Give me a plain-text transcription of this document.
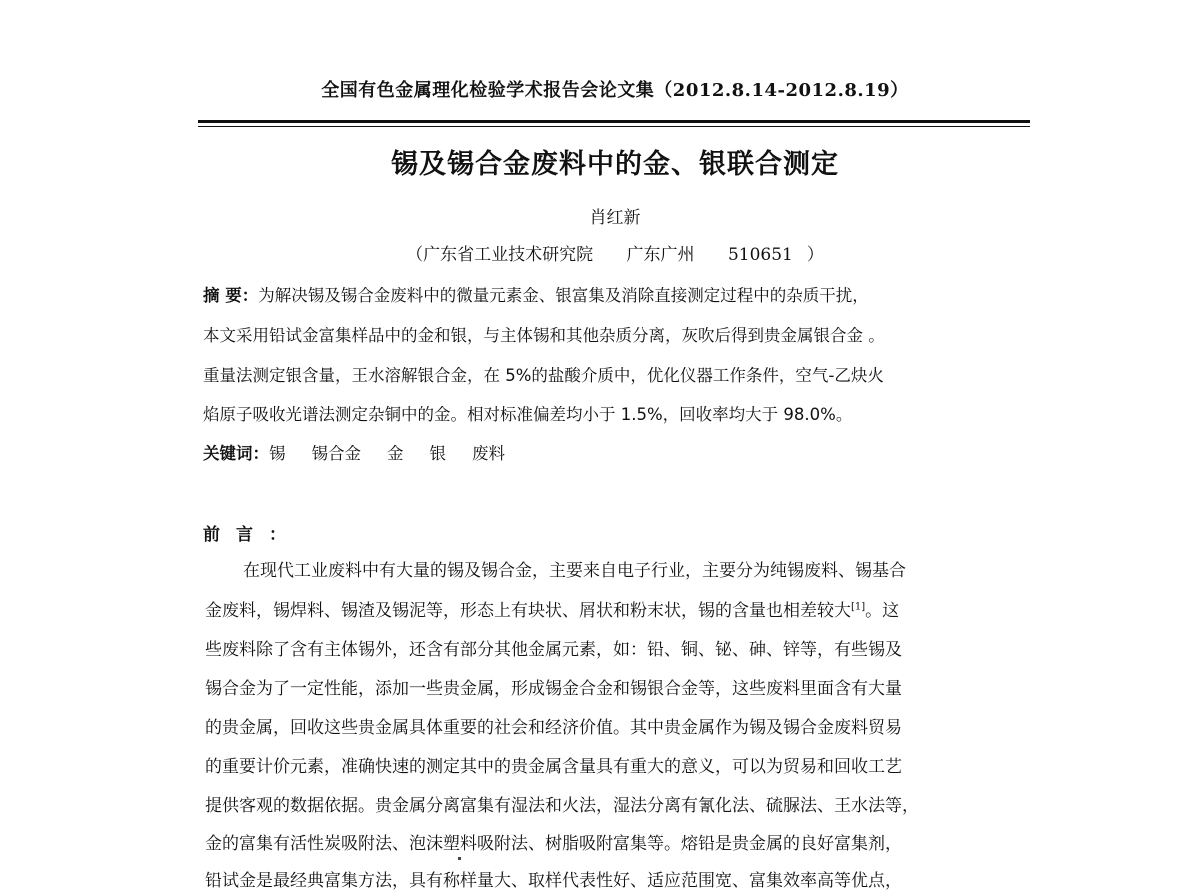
全国有色金属理化检验学术报告会论文集（2012.8.14-2012.8.19）
锡及锡合金废料中的金、银联合测定
肖红新
（广东省工业技术研究院 广东广州 510651 ）
摘 要：为解决锡及锡合金废料中的微量元素金、银富集及消除直接测定过程中的杂质干扰，
本文采用铅试金富集样品中的金和银，与主体锡和其他杂质分离，灰吹后得到贵金属银合金 。
重量法测定银含量，王水溶解银合金，在 5%的盐酸介质中，优化仪器工作条件，空气-乙炔火
焰原子吸收光谱法测定杂铜中的金。相对标准偏差均小于 1.5%，回收率均大于 98.0%。
关键词：锡 锡合金 金 银 废料
前言：
在现代工业废料中有大量的锡及锡合金，主要来自电子行业，主要分为纯锡废料、锡基合
金废料，锡焊料、锡渣及锡泥等，形态上有块状、屑状和粉末状，锡的含量也相差较大[1]。这
些废料除了含有主体锡外，还含有部分其他金属元素，如：铅、铜、铋、砷、锌等，有些锡及
锡合金为了一定性能，添加一些贵金属，形成锡金合金和锡银合金等，这些废料里面含有大量
的贵金属，回收这些贵金属具体重要的社会和经济价值。其中贵金属作为锡及锡合金废料贸易
的重要计价元素，准确快速的测定其中的贵金属含量具有重大的意义，可以为贸易和回收工艺
提供客观的数据依据。贵金属分离富集有湿法和火法，湿法分离有氰化法、硫脲法、王水法等，
金的富集有活性炭吸附法、泡沫塑料吸附法、树脂吸附富集等。熔铅是贵金属的良好富集剂，
铅试金是最经典富集方法，具有称样量大、取样代表性好、适应范围宽、富集效率高等优点，
